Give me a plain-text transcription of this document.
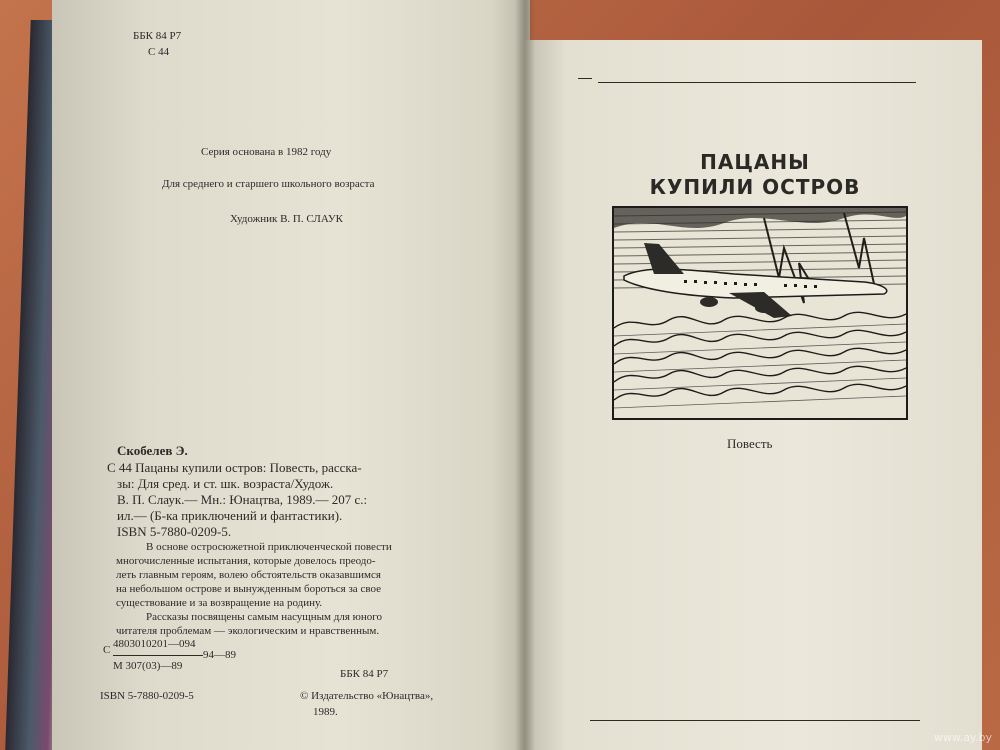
ББК 84 Р7
С 44
Серия основана в 1982 году
Для среднего и старшего школьного возраста
Художник В. П. СЛАУК
Скобелев Э.
С 44 Пацаны купили остров: Повесть, расска-
зы: Для сред. и ст. шк. возраста/Худож.
В. П. Слаук.— Мн.: Юнацтва, 1989.— 207 с.:
ил.— (Б-ка приключений и фантастики).
ISBN 5-7880-0209-5.
В основе остросюжетной приключенческой повести
многочисленные испытания, которые довелось преодо-
леть главным героям, волею обстоятельств оказавшимся
на небольшом острове и вынужденным бороться за свое
существование и за возвращение на родину.
Рассказы посвящены самым насущным для юного
читателя проблемам — экологическим и нравственным.
С 4803010201—094
М 307(03)—89
94—89
ББК 84 Р7
ISBN 5-7880-0209-5	© Издательство «Юнацтва»,
1989.
ПАЦАНЫ
КУПИЛИ ОСТРОВ
Повесть
www.ay.by
